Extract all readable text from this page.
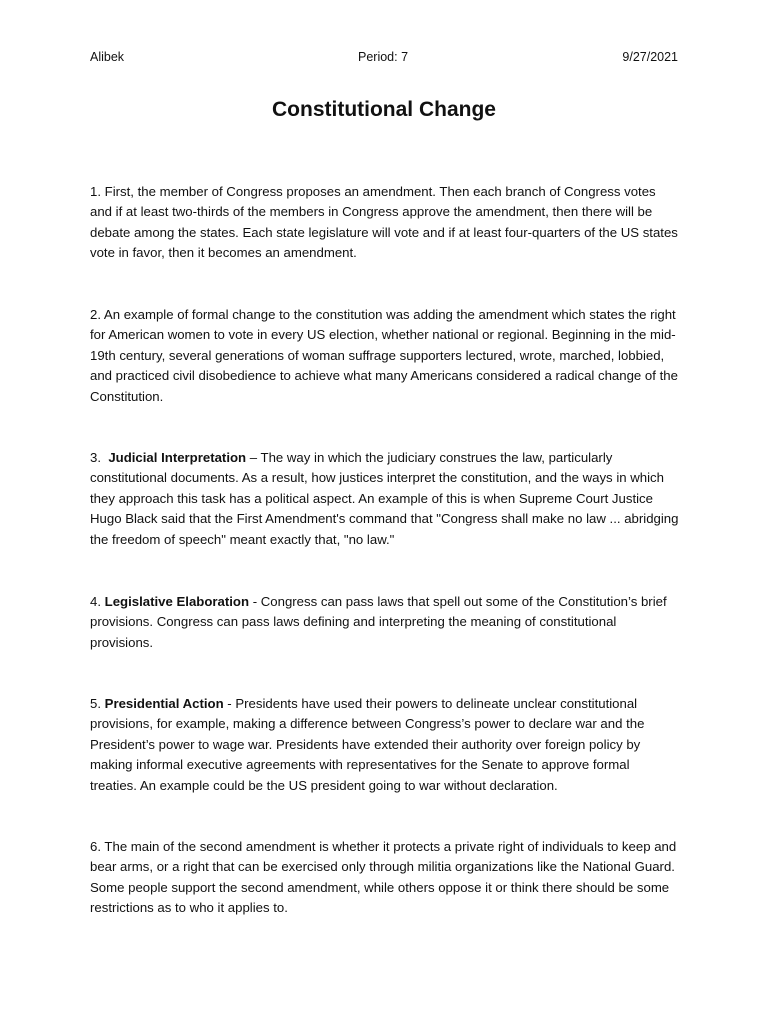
Alibek	Period: 7	9/27/2021
Constitutional Change

1. First, the member of Congress proposes an amendment. Then each branch of Congress votes and if at least two-thirds of the members in Congress approve the amendment, then there will be debate among the states. Each state legislature will vote and if at least four-quarters of the US states vote in favor, then it becomes an amendment.

2. An example of formal change to the constitution was adding the amendment which states the right for American women to vote in every US election, whether national or regional. Beginning in the mid-19th century, several generations of woman suffrage supporters lectured, wrote, marched, lobbied, and practiced civil disobedience to achieve what many Americans considered a radical change of the Constitution.

3.  Judicial Interpretation – The way in which the judiciary construes the law, particularly constitutional documents. As a result, how justices interpret the constitution, and the ways in which they approach this task has a political aspect. An example of this is when Supreme Court Justice Hugo Black said that the First Amendment's command that "Congress shall make no law ... abridging the freedom of speech" meant exactly that, "no law."

4. Legislative Elaboration - Congress can pass laws that spell out some of the Constitution’s brief provisions. Congress can pass laws defining and interpreting the meaning of constitutional provisions.

5. Presidential Action - Presidents have used their powers to delineate unclear constitutional provisions, for example, making a difference between Congress’s power to declare war and the President’s power to wage war. Presidents have extended their authority over foreign policy by making informal executive agreements with representatives for the Senate to approve formal treaties. An example could be the US president going to war without declaration.

6. The main of the second amendment is whether it protects a private right of individuals to keep and bear arms, or a right that can be exercised only through militia organizations like the National Guard. Some people support the second amendment, while others oppose it or think there should be some restrictions as to who it applies to.
